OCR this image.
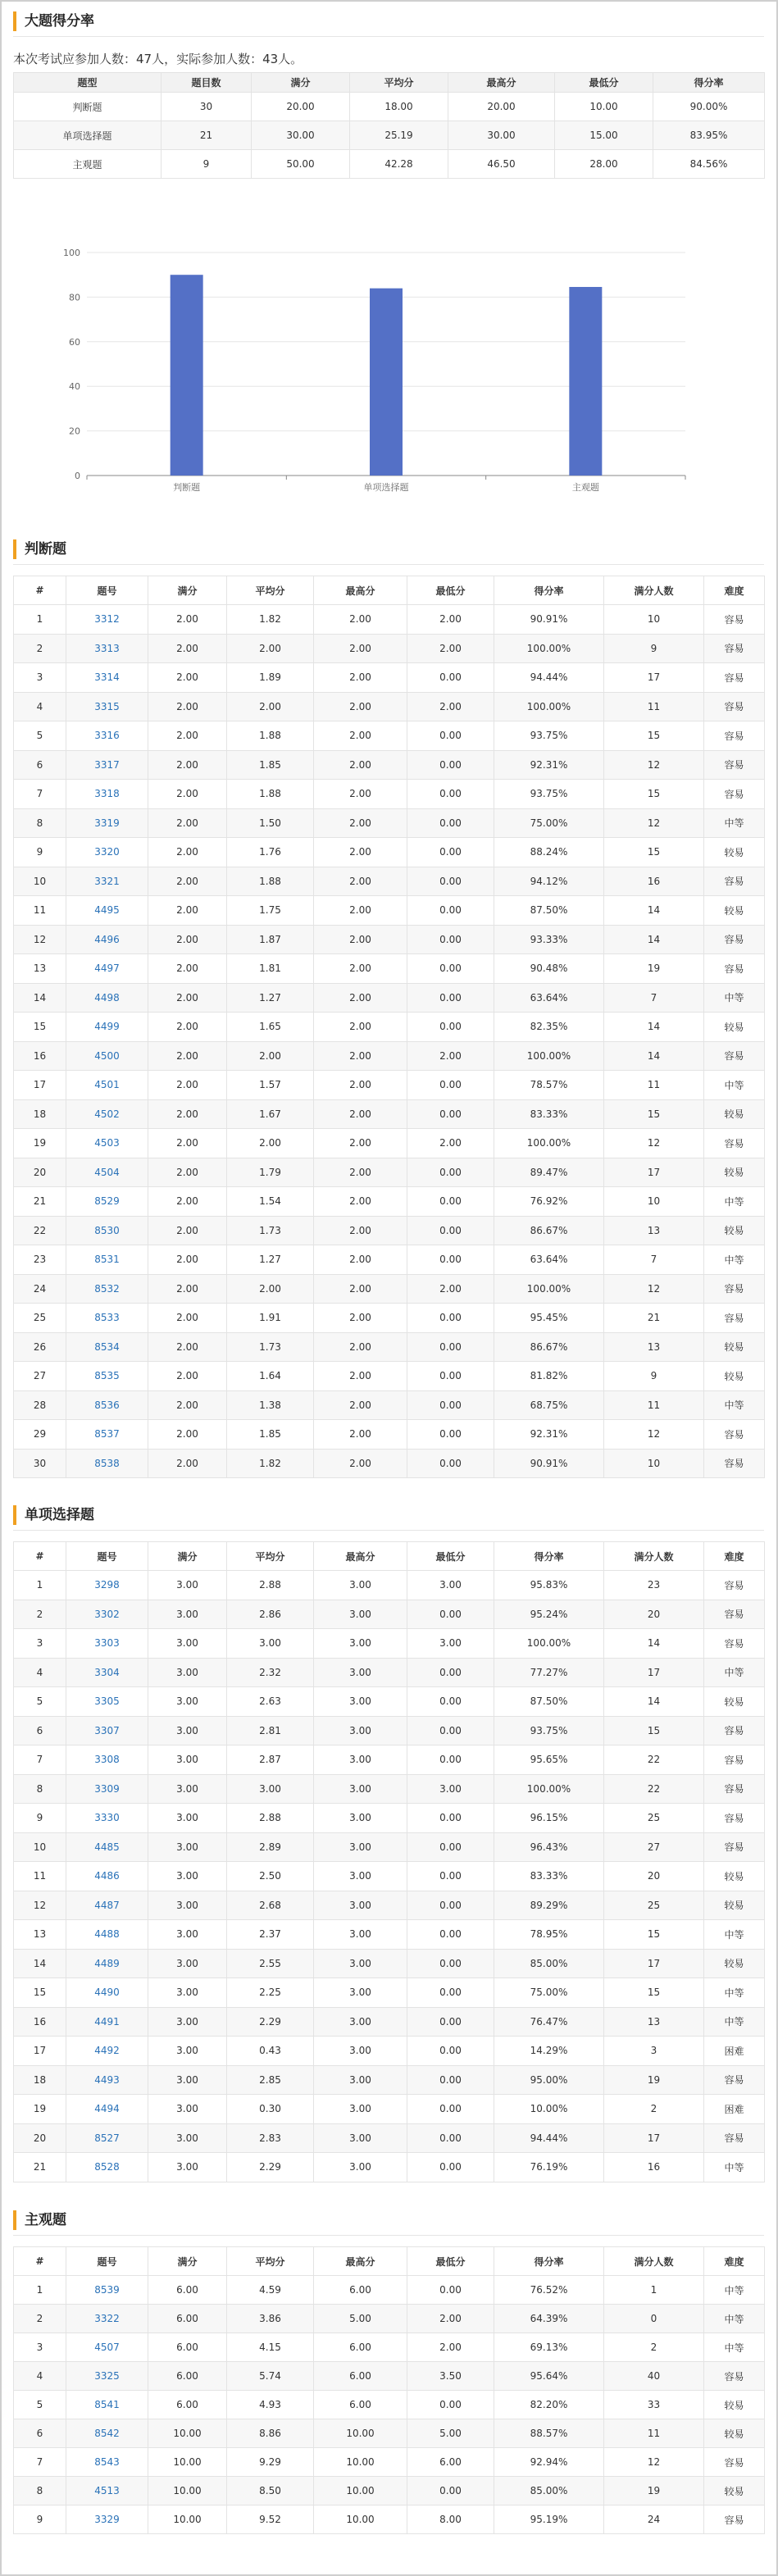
大题得分率
本次考试应参加人数：47人，实际参加人数：43人。
题型	题目数	满分	平均分	最高分	最低分	得分率
判断题	30	20.00	18.00	20.00	10.00	90.00%
单项选择题	21	30.00	25.19	30.00	15.00	83.95%
主观题	9	50.00	42.28	46.50	28.00	84.56%
0
20
40
60
80
100
判断题	单项选择题	主观题
判断题
#	题号	满分	平均分	最高分	最低分	得分率	满分人数	难度
1	3312	2.00	1.82	2.00	2.00	90.91%	10	容易
2	3313	2.00	2.00	2.00	2.00	100.00%	9	容易
3	3314	2.00	1.89	2.00	0.00	94.44%	17	容易
4	3315	2.00	2.00	2.00	2.00	100.00%	11	容易
5	3316	2.00	1.88	2.00	0.00	93.75%	15	容易
6	3317	2.00	1.85	2.00	0.00	92.31%	12	容易
7	3318	2.00	1.88	2.00	0.00	93.75%	15	容易
8	3319	2.00	1.50	2.00	0.00	75.00%	12	中等
9	3320	2.00	1.76	2.00	0.00	88.24%	15	较易
10	3321	2.00	1.88	2.00	0.00	94.12%	16	容易
11	4495	2.00	1.75	2.00	0.00	87.50%	14	较易
12	4496	2.00	1.87	2.00	0.00	93.33%	14	容易
13	4497	2.00	1.81	2.00	0.00	90.48%	19	容易
14	4498	2.00	1.27	2.00	0.00	63.64%	7	中等
15	4499	2.00	1.65	2.00	0.00	82.35%	14	较易
16	4500	2.00	2.00	2.00	2.00	100.00%	14	容易
17	4501	2.00	1.57	2.00	0.00	78.57%	11	中等
18	4502	2.00	1.67	2.00	0.00	83.33%	15	较易
19	4503	2.00	2.00	2.00	2.00	100.00%	12	容易
20	4504	2.00	1.79	2.00	0.00	89.47%	17	较易
21	8529	2.00	1.54	2.00	0.00	76.92%	10	中等
22	8530	2.00	1.73	2.00	0.00	86.67%	13	较易
23	8531	2.00	1.27	2.00	0.00	63.64%	7	中等
24	8532	2.00	2.00	2.00	2.00	100.00%	12	容易
25	8533	2.00	1.91	2.00	0.00	95.45%	21	容易
26	8534	2.00	1.73	2.00	0.00	86.67%	13	较易
27	8535	2.00	1.64	2.00	0.00	81.82%	9	较易
28	8536	2.00	1.38	2.00	0.00	68.75%	11	中等
29	8537	2.00	1.85	2.00	0.00	92.31%	12	容易
30	8538	2.00	1.82	2.00	0.00	90.91%	10	容易
单项选择题
#	题号	满分	平均分	最高分	最低分	得分率	满分人数	难度
1	3298	3.00	2.88	3.00	3.00	95.83%	23	容易
2	3302	3.00	2.86	3.00	0.00	95.24%	20	容易
3	3303	3.00	3.00	3.00	3.00	100.00%	14	容易
4	3304	3.00	2.32	3.00	0.00	77.27%	17	中等
5	3305	3.00	2.63	3.00	0.00	87.50%	14	较易
6	3307	3.00	2.81	3.00	0.00	93.75%	15	容易
7	3308	3.00	2.87	3.00	0.00	95.65%	22	容易
8	3309	3.00	3.00	3.00	3.00	100.00%	22	容易
9	3330	3.00	2.88	3.00	0.00	96.15%	25	容易
10	4485	3.00	2.89	3.00	0.00	96.43%	27	容易
11	4486	3.00	2.50	3.00	0.00	83.33%	20	较易
12	4487	3.00	2.68	3.00	0.00	89.29%	25	较易
13	4488	3.00	2.37	3.00	0.00	78.95%	15	中等
14	4489	3.00	2.55	3.00	0.00	85.00%	17	较易
15	4490	3.00	2.25	3.00	0.00	75.00%	15	中等
16	4491	3.00	2.29	3.00	0.00	76.47%	13	中等
17	4492	3.00	0.43	3.00	0.00	14.29%	3	困难
18	4493	3.00	2.85	3.00	0.00	95.00%	19	容易
19	4494	3.00	0.30	3.00	0.00	10.00%	2	困难
20	8527	3.00	2.83	3.00	0.00	94.44%	17	容易
21	8528	3.00	2.29	3.00	0.00	76.19%	16	中等
主观题
#	题号	满分	平均分	最高分	最低分	得分率	满分人数	难度
1	8539	6.00	4.59	6.00	0.00	76.52%	1	中等
2	3322	6.00	3.86	5.00	2.00	64.39%	0	中等
3	4507	6.00	4.15	6.00	2.00	69.13%	2	中等
4	3325	6.00	5.74	6.00	3.50	95.64%	40	容易
5	8541	6.00	4.93	6.00	0.00	82.20%	33	较易
6	8542	10.00	8.86	10.00	5.00	88.57%	11	较易
7	8543	10.00	9.29	10.00	6.00	92.94%	12	容易
8	4513	10.00	8.50	10.00	0.00	85.00%	19	较易
9	3329	10.00	9.52	10.00	8.00	95.19%	24	容易
